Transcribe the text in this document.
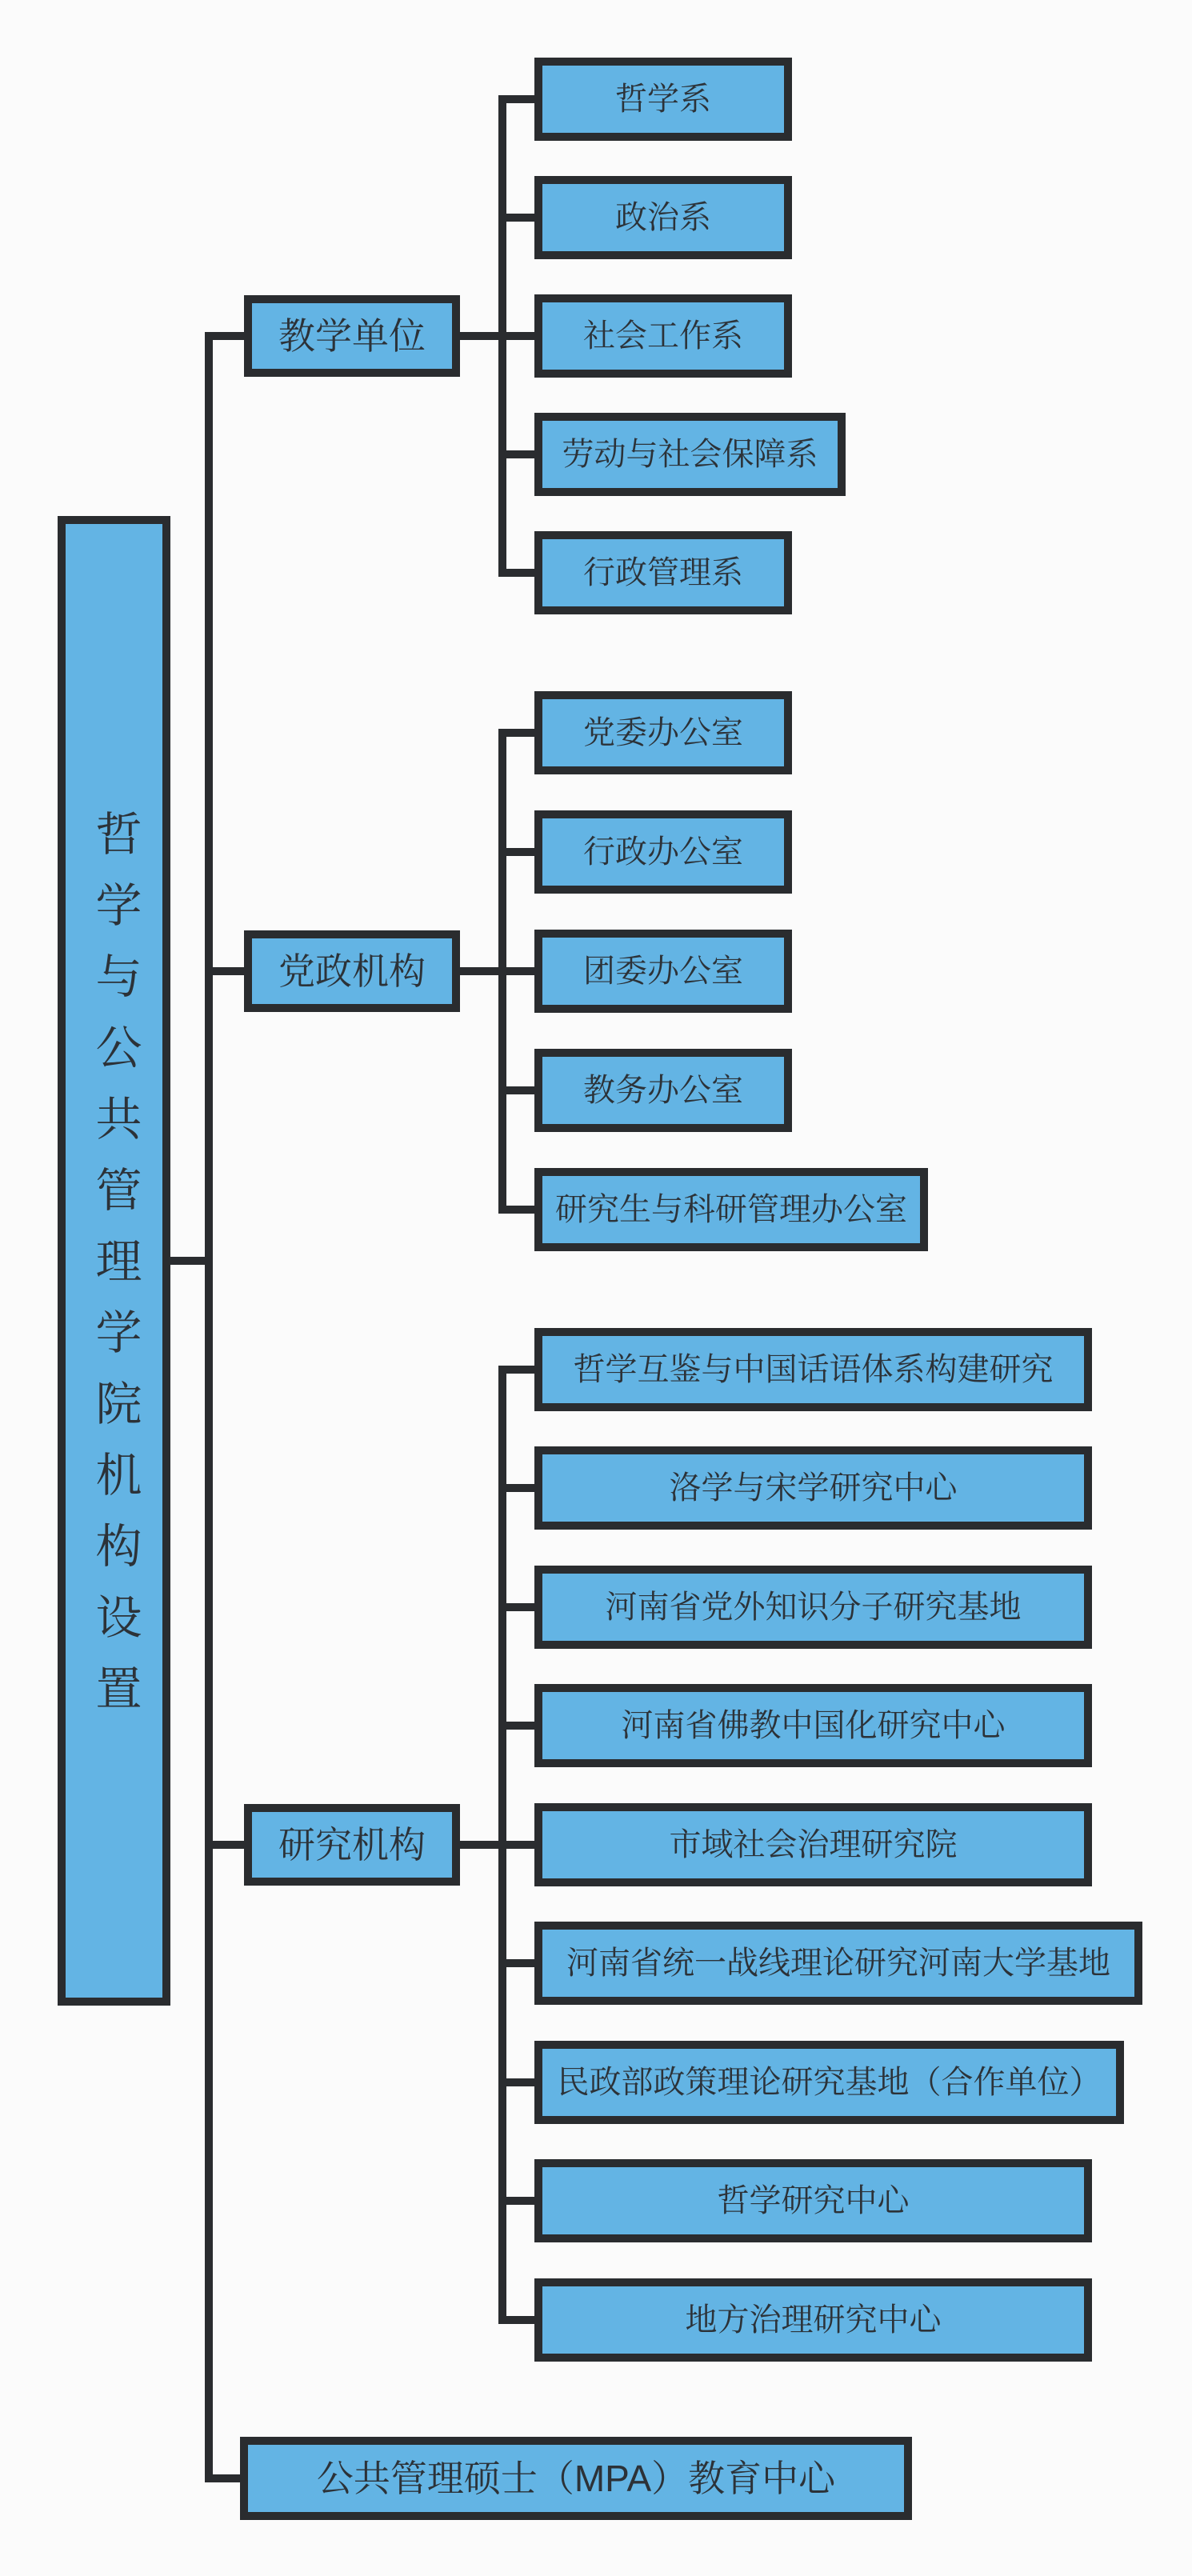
哲学与公共管理学院机构设置
教学单位
党政机构
研究机构
哲学系
政治系
社会工作系
劳动与社会保障系
行政管理系
党委办公室
行政办公室
团委办公室
教务办公室
研究生与科研管理办公室
哲学互鉴与中国话语体系构建研究
洛学与宋学研究中心
河南省党外知识分子研究基地
河南省佛教中国化研究中心
市域社会治理研究院
河南省统一战线理论研究河南大学基地
民政部政策理论研究基地（合作单位）
哲学研究中心
地方治理研究中心
公共管理硕士（MPA）教育中心
